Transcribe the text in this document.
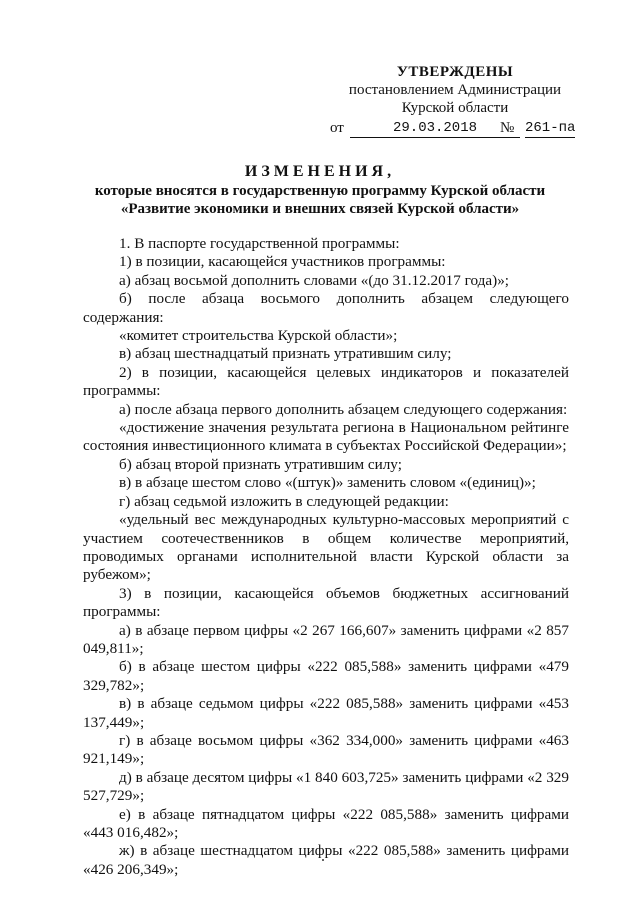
УТВЕРЖДЕНЫ
постановлением Администрации
Курской области
от	29.03.2018	№ 261-па
ИЗМЕНЕНИЯ,
которые вносятся в государственную программу Курской области
«Развитие экономики и внешних связей Курской области»

1. В паспорте государственной программы:

1) в позиции, касающейся участников программы:

а) абзац восьмой дополнить словами «(до 31.12.2017 года)»;

б) после абзаца восьмого дополнить абзацем следующего содержания:

«комитет строительства Курской области»;

в) абзац шестнадцатый признать утратившим силу;

2) в позиции, касающейся целевых индикаторов и показателей программы:

а) после абзаца первого дополнить абзацем следующего содержания:

«достижение значения результата региона в Национальном рейтинге состояния инвестиционного климата в субъектах Российской Федерации»;

б) абзац второй признать утратившим силу;

в) в абзаце шестом слово «(штук)» заменить словом «(единиц)»;

г) абзац седьмой изложить в следующей редакции:

«удельный вес международных культурно-массовых мероприятий с участием соотечественников в общем количестве мероприятий, проводимых органами исполнительной власти Курской области за рубежом»;

3) в позиции, касающейся объемов бюджетных ассигнований программы:

а) в абзаце первом цифры «2 267 166,607» заменить цифрами «2 857 049,811»;

б) в абзаце шестом цифры «222 085,588» заменить цифрами «479 329,782»;

в) в абзаце седьмом цифры «222 085,588» заменить цифрами «453 137,449»;

г) в абзаце восьмом цифры «362 334,000» заменить цифрами «463 921,149»;

д) в абзаце десятом цифры «1 840 603,725» заменить цифрами «2 329 527,729»;

е) в абзаце пятнадцатом цифры «222 085,588» заменить цифрами «443 016,482»;

ж) в абзаце шестнадцатом цифры «222 085,588» заменить цифрами «426 206,349»;
